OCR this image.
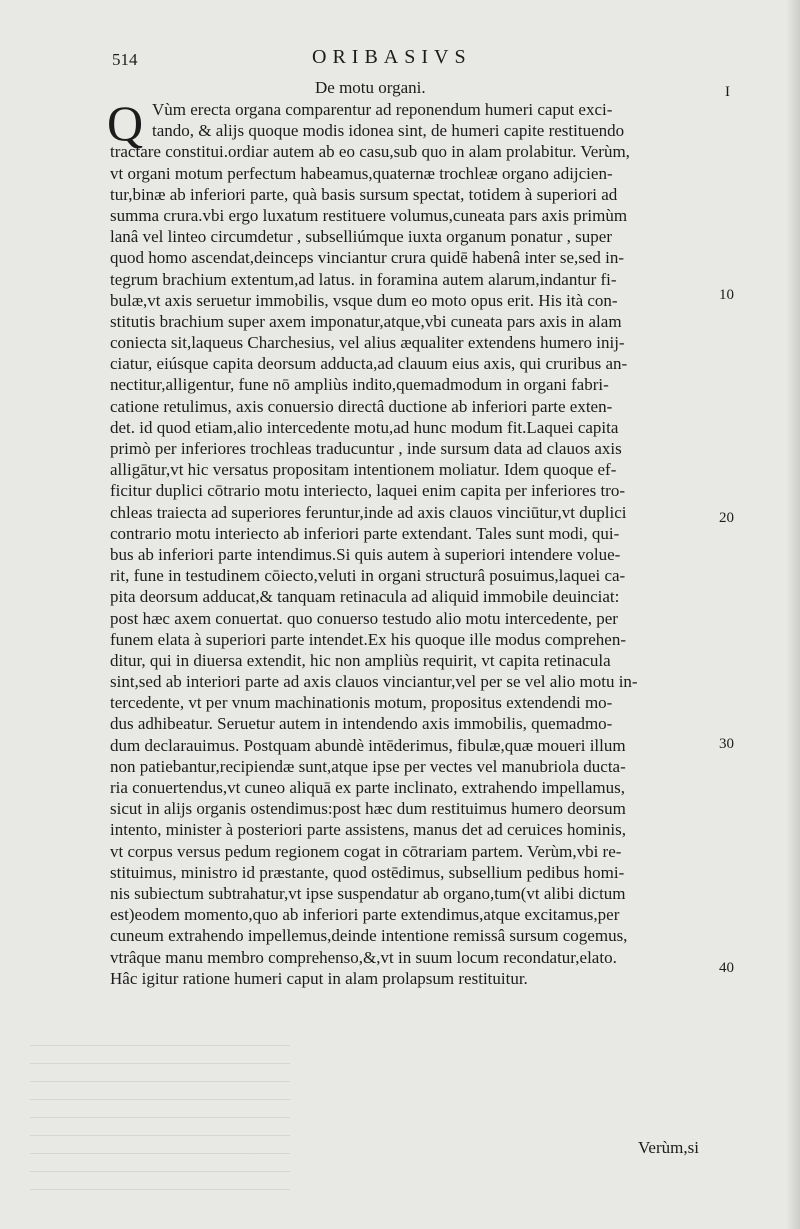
514	ORIBASIVS
De motu organi.
Q Vùm erecta organa comparentur ad reponendum humeri caput exci-
tando, & alijs quoque modis idonea sint, de humeri capite restituendo
tractare constitui.ordiar autem ab eo casu,sub quo in alam prolabitur. Verùm,
vt organi motum perfectum habeamus,quaternæ trochleæ organo adijcien-
tur,binæ ab inferiori parte, quà basis sursum spectat, totidem à superiori ad
summa crura.vbi ergo luxatum restituere volumus,cuneata pars axis primùm
lanâ vel linteo circumdetur , subselliúmque iuxta organum ponatur , super
quod homo ascendat,deinceps vinciantur crura quidē habenâ inter se,sed in-
tegrum brachium extentum,ad latus. in foramina autem alarum,indantur fi-
bulæ,vt axis seruetur immobilis, vsque dum eo moto opus erit. His ità con-
stitutis brachium super axem imponatur,atque,vbi cuneata pars axis in alam
coniecta sit,laqueus Charchesius, vel alius æqualiter extendens humero inij-
ciatur, eiúsque capita deorsum adducta,ad clauum eius axis, qui cruribus an-
nectitur,alligentur, fune nō ampliùs indito,quemadmodum in organi fabri-
catione retulimus, axis conuersio directâ ductione ab inferiori parte exten-
det. id quod etiam,alio intercedente motu,ad hunc modum fit.Laquei capita
primò per inferiores trochleas traducuntur , inde sursum data ad clauos axis
alligātur,vt hic versatus propositam intentionem moliatur. Idem quoque ef-
ficitur duplici cōtrario motu interiecto, laquei enim capita per inferiores tro-
chleas traiecta ad superiores feruntur,inde ad axis clauos vinciūtur,vt duplici
contrario motu interiecto ab inferiori parte extendant. Tales sunt modi, qui-
bus ab inferiori parte intendimus.Si quis autem à superiori intendere volue-
rit, fune in testudinem cōiecto,veluti in organi structurâ posuimus,laquei ca-
pita deorsum adducat,& tanquam retinacula ad aliquid immobile deuinciat:
post hæc axem conuertat. quo conuerso testudo alio motu intercedente, per
funem elata à superiori parte intendet.Ex his quoque ille modus comprehen-
ditur, qui in diuersa extendit, hic non ampliùs requirit, vt capita retinacula
sint,sed ab interiori parte ad axis clauos vinciantur,vel per se vel alio motu in-
tercedente, vt per vnum machinationis motum, propositus extendendi mo-
dus adhibeatur. Seruetur autem in intendendo axis immobilis, quemadmo-
dum declarauimus. Postquam abundè intēderimus, fibulæ,quæ moueri illum
non patiebantur,recipiendæ sunt,atque ipse per vectes vel manubriola ducta-
ria conuertendus,vt cuneo aliquā ex parte inclinato, extrahendo impellamus,
sicut in alijs organis ostendimus:post hæc dum restituimus humero deorsum
intento, minister à posteriori parte assistens, manus det ad ceruices hominis,
vt corpus versus pedum regionem cogat in cōtrariam partem. Verùm,vbi re-
stituimus, ministro id præstante, quod ostēdimus, subsellium pedibus homi-
nis subiectum subtrahatur,vt ipse suspendatur ab organo,tum(vt alibi dictum
est)eodem momento,quo ab inferiori parte extendimus,atque excitamus,per
cuneum extrahendo impellemus,deinde intentione remissâ sursum cogemus,
vtrâque manu membro comprehenso,&,vt in suum locum recondatur,elato.
Hâc igitur ratione humeri caput in alam prolapsum restituitur.
I
10
20
30
40
Verùm,si
